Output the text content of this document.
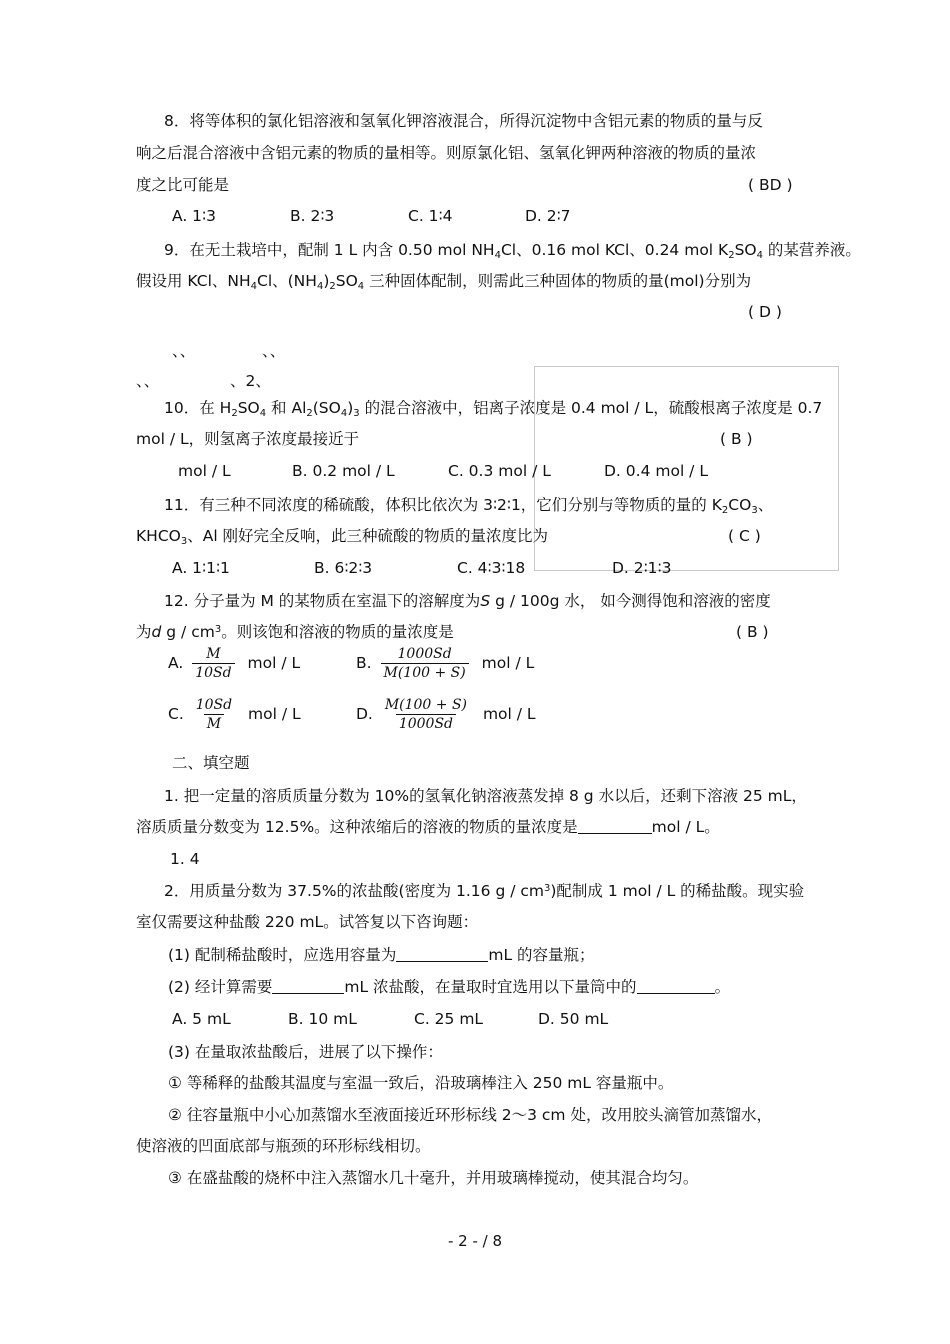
8．将等体积的氯化铝溶液和氢氧化钾溶液混合，所得沉淀物中含铝元素的物质的量与反
响之后混合溶液中含铝元素的物质的量相等。则原氯化铝、氢氧化钾两种溶液的物质的量浓
度之比可能是	( BD )
A. 1∶3	B. 2∶3	C. 1∶4	D. 2∶7
9．在无土栽培中，配制 1 L 内含 0.50 mol $NH_4Cl$、0.16 mol KCl、0.24 mol $K_2SO_4$ 的某营养液。
假设用 KCl、$NH_4Cl$、$(NH_4)_2SO_4$ 三种固体配制，则需此三种固体的物质的量(mol)分别为
( D )
、、	、、
、、	、2、
10．在 $H_2SO_4$ 和 $Al_2(SO_4)_3$ 的混合溶液中，铝离子浓度是 0.4 mol / L，硫酸根离子浓度是 0.7
mol / L，则氢离子浓度最接近于	( B )
mol / L	B. 0.2 mol / L	C. 0.3 mol / L	D. 0.4 mol / L
11．有三种不同浓度的稀硫酸，体积比依次为 3∶2∶1，它们分别与等物质的量的 $K_2CO_3$、
$KHCO_3$、Al 刚好完全反响，此三种硫酸的物质的量浓度比为	( C )
A. 1∶1∶1	B. 6∶2∶3	C. 4∶3∶18	D. 2∶1∶3
12. 分子量为 M 的某物质在室温下的溶解度为S g / 100g 水， 如今测得饱和溶液的密度
为d g / $cm^3$。则该饱和溶液的物质的量浓度是	( B )
A. $\frac{M}{10Sd}$ mol / L	B. $\frac{1000Sd}{M(100 + S)}$ mol / L
C. $\frac{10Sd}{M}$ mol / L	D. $\frac{M(100 + S)}{1000Sd}$ mol / L
二、填空题
1. 把一定量的溶质质量分数为 10%的氢氧化钠溶液蒸发掉 8 g 水以后，还剩下溶液 25 mL，
溶质质量分数变为 12.5%。这种浓缩后的溶液的物质的量浓度是	mol / L。
1. 4
2．用质量分数为 37.5%的浓盐酸(密度为 1.16 g / $cm^3$)配制成 1 mol / L 的稀盐酸。现实验
室仅需要这种盐酸 220 mL。试答复以下咨询题：
(1) 配制稀盐酸时，应选用容量为	mL 的容量瓶；
(2) 经计算需要	mL 浓盐酸，在量取时宜选用以下量筒中的	。
A. 5 mL	B. 10 mL	C. 25 mL	D. 50 mL
(3) 在量取浓盐酸后，进展了以下操作：
① 等稀释的盐酸其温度与室温一致后，沿玻璃棒注入 250 mL 容量瓶中。
② 往容量瓶中小心加蒸馏水至液面接近环形标线 2～3 cm 处，改用胶头滴管加蒸馏水，
使溶液的凹面底部与瓶颈的环形标线相切。
③ 在盛盐酸的烧杯中注入蒸馏水几十毫升，并用玻璃棒搅动，使其混合均匀。
- 2 - / 8
